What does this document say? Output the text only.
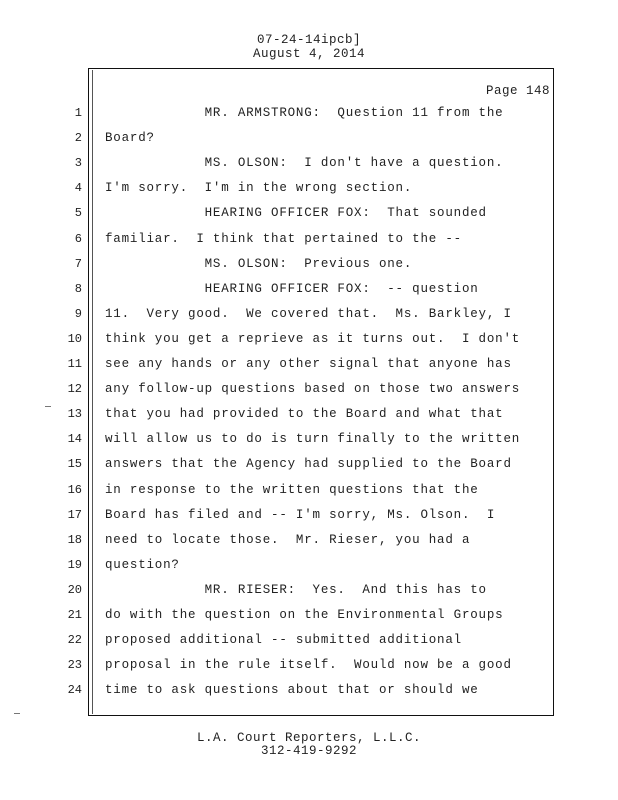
07-24-14ipcb]
August 4, 2014
Page 148
1 MR. ARMSTRONG:  Question 11 from the
2 Board?
3 MS. OLSON:  I don't have a question.
4 I'm sorry.  I'm in the wrong section.
5 HEARING OFFICER FOX:  That sounded
6 familiar.  I think that pertained to the --
7 MS. OLSON:  Previous one.
8 HEARING OFFICER FOX:  -- question
9 11.  Very good.  We covered that.  Ms. Barkley, I
10 think you get a reprieve as it turns out.  I don't
11 see any hands or any other signal that anyone has
12 any follow-up questions based on those two answers
13 that you had provided to the Board and what that
14 will allow us to do is turn finally to the written
15 answers that the Agency had supplied to the Board
16 in response to the written questions that the
17 Board has filed and -- I'm sorry, Ms. Olson.  I
18 need to locate those.  Mr. Rieser, you had a
19 question?
20 MR. RIESER:  Yes.  And this has to
21 do with the question on the Environmental Groups
22 proposed additional -- submitted additional
23 proposal in the rule itself.  Would now be a good
24 time to ask questions about that or should we
L.A. Court Reporters, L.L.C.
312-419-9292
